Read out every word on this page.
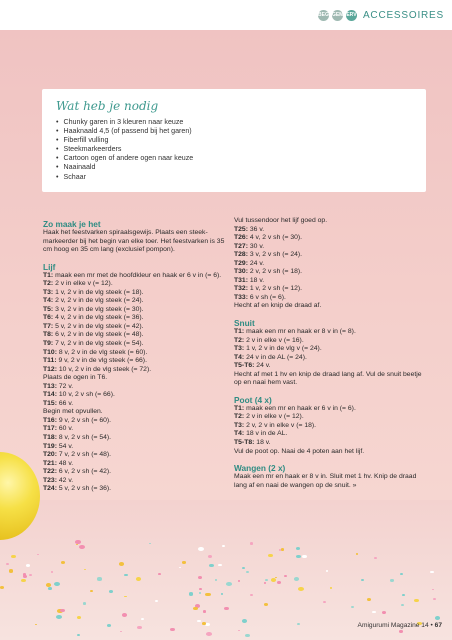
BEG GEM ERV ACCESSOIRES
Wat heb je nodig
• Chunky garen in 3 kleuren naar keuze
• Haaknaald 4,5 (of passend bij het garen)
• Fiberfill vulling
• Steekmarkeerders
• Cartoon ogen of andere ogen naar keuze
• Naainaald
• Schaar
Zo maak je het
Haak het feestvarken spiraalsgewijs. Plaats een steek-markeerder bij het begin van elke toer. Het feestvarken is 35 cm hoog en 35 cm lang (exclusief pompon).
Lijf
T1: maak een mr met de hoofdkleur en haak er 6 v in (= 6).
T2: 2 v in elke v (= 12).
T3: 1 v, 2 v in de vlg steek (= 18).
T4: 2 v, 2 v in de vlg steek (= 24).
T5: 3 v, 2 v in de vlg steek (= 30).
T6: 4 v, 2 v in de vlg steek (= 36).
T7: 5 v, 2 v in de vlg steek (= 42).
T8: 6 v, 2 v in de vlg steek (= 48).
T9: 7 v, 2 v in de vlg steek (= 54).
T10: 8 v, 2 v in de vlg steek (= 60).
T11: 9 v, 2 v in de vlg steek (= 66).
T12: 10 v, 2 v in de vlg steek (= 72).
Plaats de ogen in T6.
T13: 72 v.
T14: 10 v, 2 v sh (= 66).
T15: 66 v.
Begin met opvullen.
T16: 9 v, 2 v sh (= 60).
T17: 60 v.
T18: 8 v, 2 v sh (= 54).
T19: 54 v.
T20: 7 v, 2 v sh (= 48).
T21: 48 v.
T22: 6 v, 2 v sh (= 42).
T23: 42 v.
T24: 5 v, 2 v sh (= 36).
Vul tussendoor het lijf goed op.
T25: 36 v.
T26: 4 v, 2 v sh (= 30).
T27: 30 v.
T28: 3 v, 2 v sh (= 24).
T29: 24 v.
T30: 2 v, 2 v sh (= 18).
T31: 18 v.
T32: 1 v, 2 v sh (= 12).
T33: 6 v sh (= 6).
Hecht af en knip de draad af.
Snuit
T1: maak een mr en haak er 8 v in (= 8).
T2: 2 v in elke v (= 16).
T3: 1 v, 2 v in de vlg v (= 24).
T4: 24 v in de AL (= 24).
T5-T6: 24 v.
Hecht af met 1 hv en knip de draad lang af. Vul de snuit beetje op en naai hem vast.
Poot (4 x)
T1: maak een mr en haak er 6 v in (= 6).
T2: 2 v in elke v (= 12).
T3: 2 v, 2 v in elke v (= 18).
T4: 18 v in de AL.
T5-T8: 18 v.
Vul de poot op. Naai de 4 poten aan het lijf.
Wangen (2 x)
Maak een mr en haak er 8 v in. Sluit met 1 hv. Knip de draad lang af en naai de wangen op de snuit. »
Amigurumi Magazine 14 • 67
